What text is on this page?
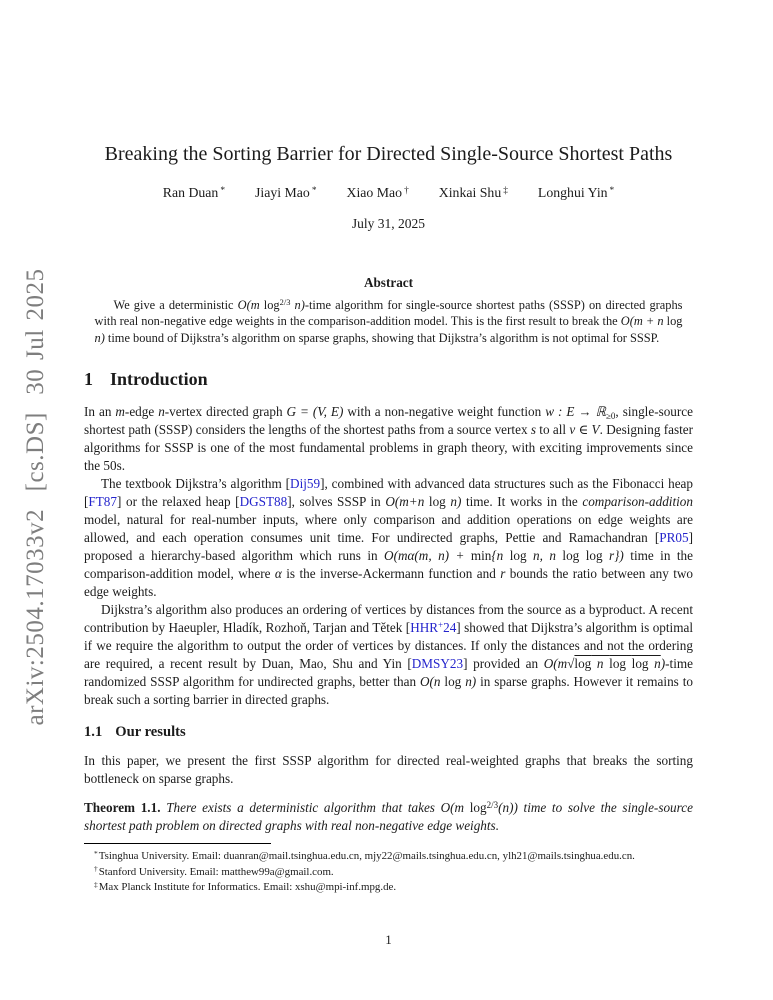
arXiv:2504.17033v2  [cs.DS]  30 Jul 2025
Breaking the Sorting Barrier for Directed Single-Source Shortest Paths
Ran Duan * Jiayi Mao * Xiao Mao † Xinkai Shu ‡ Longhui Yin *
July 31, 2025
Abstract

We give a deterministic O(m $\log^{2/3}$ n)-time algorithm for single-source shortest paths (SSSP) on directed graphs with real non-negative edge weights in the comparison-addition model. This is the first result to break the O(m + n log n) time bound of Dijkstra’s algorithm on sparse graphs, showing that Dijkstra’s algorithm is not optimal for SSSP.

1 Introduction

In an m-edge n-vertex directed graph G = (V, E) with a non-negative weight function w : E → ℝ$_{\ge 0}$, single-source shortest path (SSSP) considers the lengths of the shortest paths from a source vertex s to all v ∈ V. Designing faster algorithms for SSSP is one of the most fundamental problems in graph theory, with exciting improvements since the 50s.

The textbook Dijkstra’s algorithm [Dij59], combined with advanced data structures such as the Fibonacci heap [FT87] or the relaxed heap [DGST88], solves SSSP in O(m+n log n) time. It works in the comparison-addition model, natural for real-number inputs, where only comparison and addition operations on edge weights are allowed, and each operation consumes unit time. For undirected graphs, Pettie and Ramachandran [PR05] proposed a hierarchy-based algorithm which runs in O(mα(m, n) + min{n log n, n log log r}) time in the comparison-addition model, where α is the inverse-Ackermann function and r bounds the ratio between any two edge weights.

Dijkstra’s algorithm also produces an ordering of vertices by distances from the source as a byproduct. A recent contribution by Haeupler, Hladík, Rozhoň, Tarjan and Tětek [HHR+24] showed that Dijkstra’s algorithm is optimal if we require the algorithm to output the order of vertices by distances. If only the distances and not the ordering are required, a recent result by Duan, Mao, Shu and Yin [DMSY23] provided an O(m√log n log log n)-time randomized SSSP algorithm for undirected graphs, better than O(n log n) in sparse graphs. However it remains to break such a sorting barrier in directed graphs.

1.1 Our results

In this paper, we present the first SSSP algorithm for directed real-weighted graphs that breaks the sorting bottleneck on sparse graphs.

Theorem 1.1. There exists a deterministic algorithm that takes O(m $\log^{2/3}(n)$) time to solve the single-source shortest path problem on directed graphs with real non-negative edge weights.

*Tsinghua University. Email: duanran@mail.tsinghua.edu.cn, mjy22@mails.tsinghua.edu.cn, ylh21@mails.tsinghua.edu.cn.
†Stanford University. Email: matthew99a@gmail.com.
‡Max Planck Institute for Informatics. Email: xshu@mpi-inf.mpg.de.
1
